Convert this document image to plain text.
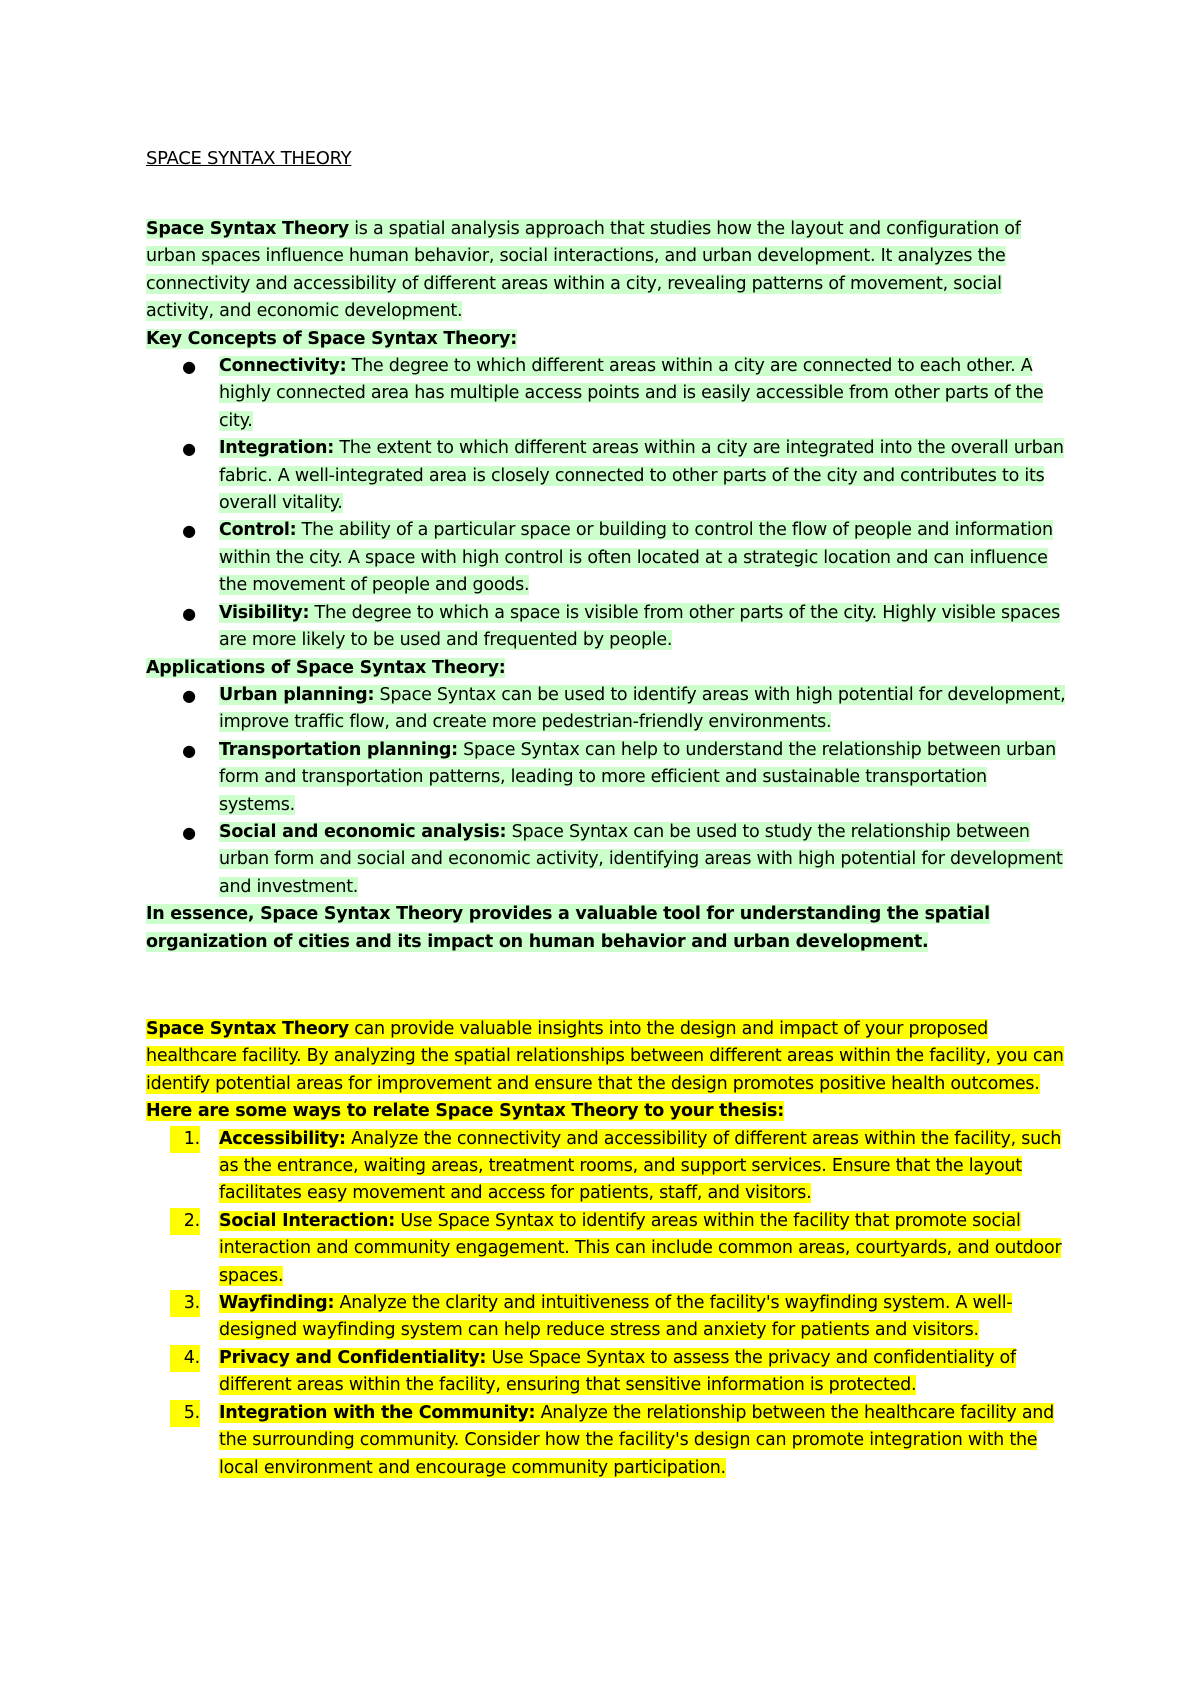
SPACE SYNTAX THEORY

Space Syntax Theory is a spatial analysis approach that studies how the layout and configuration of urban spaces influence human behavior, social interactions, and urban development. It analyzes the connectivity and accessibility of different areas within a city, revealing patterns of movement, social activity, and economic development.

Key Concepts of Space Syntax Theory:

● Connectivity: The degree to which different areas within a city are connected to each other. A highly connected area has multiple access points and is easily accessible from other parts of the city.
● Integration: The extent to which different areas within a city are integrated into the overall urban fabric. A well-integrated area is closely connected to other parts of the city and contributes to its overall vitality.
● Control: The ability of a particular space or building to control the flow of people and information within the city. A space with high control is often located at a strategic location and can influence the movement of people and goods.
● Visibility: The degree to which a space is visible from other parts of the city. Highly visible spaces are more likely to be used and frequented by people.

Applications of Space Syntax Theory:

● Urban planning: Space Syntax can be used to identify areas with high potential for development, improve traffic flow, and create more pedestrian-friendly environments.
● Transportation planning: Space Syntax can help to understand the relationship between urban form and transportation patterns, leading to more efficient and sustainable transportation systems.
● Social and economic analysis: Space Syntax can be used to study the relationship between urban form and social and economic activity, identifying areas with high potential for development and investment.

In essence, Space Syntax Theory provides a valuable tool for understanding the spatial organization of cities and its impact on human behavior and urban development.

Space Syntax Theory can provide valuable insights into the design and impact of your proposed healthcare facility. By analyzing the spatial relationships between different areas within the facility, you can identify potential areas for improvement and ensure that the design promotes positive health outcomes.

Here are some ways to relate Space Syntax Theory to your thesis:

1. Accessibility: Analyze the connectivity and accessibility of different areas within the facility, such as the entrance, waiting areas, treatment rooms, and support services. Ensure that the layout facilitates easy movement and access for patients, staff, and visitors.
2. Social Interaction: Use Space Syntax to identify areas within the facility that promote social interaction and community engagement. This can include common areas, courtyards, and outdoor spaces.
3. Wayfinding: Analyze the clarity and intuitiveness of the facility's wayfinding system. A well-designed wayfinding system can help reduce stress and anxiety for patients and visitors.
4. Privacy and Confidentiality: Use Space Syntax to assess the privacy and confidentiality of different areas within the facility, ensuring that sensitive information is protected.
5. Integration with the Community: Analyze the relationship between the healthcare facility and the surrounding community. Consider how the facility's design can promote integration with the local environment and encourage community participation.
